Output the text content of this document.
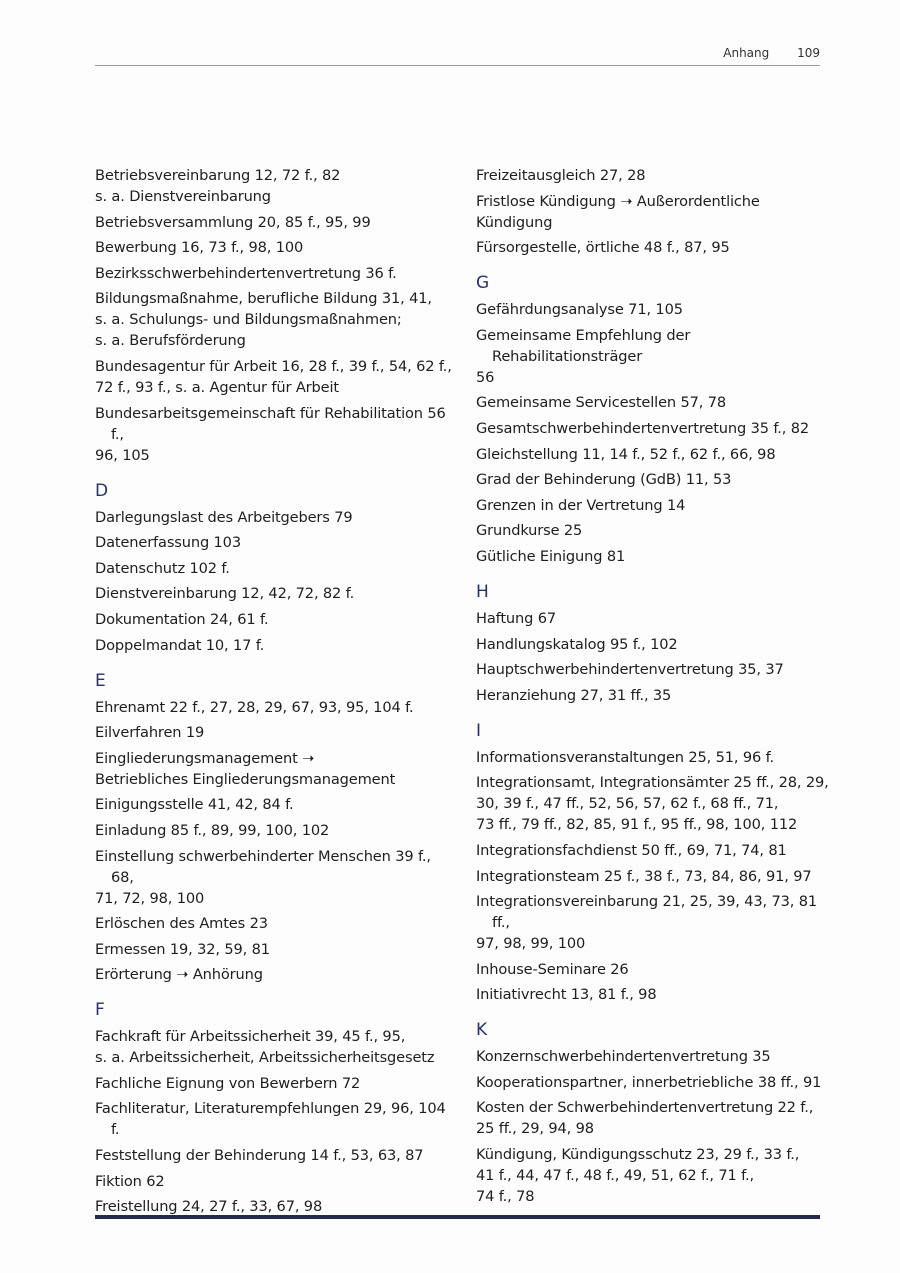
Anhang 109
Betriebsvereinbarung 12, 72 f., 82
s. a. Dienstvereinbarung
Betriebsversammlung 20, 85 f., 95, 99
Bewerbung 16, 73 f., 98, 100
Bezirksschwerbehindertenvertretung 36 f.
Bildungsmaßnahme, berufliche Bildung 31, 41,
s. a. Schulungs- und Bildungsmaßnahmen;
s. a. Berufsförderung
Bundesagentur für Arbeit 16, 28 f., 39 f., 54, 62 f.,
72 f., 93 f., s. a. Agentur für Arbeit
Bundesarbeitsgemeinschaft für Rehabilitation 56 f.,
96, 105
D
Darlegungslast des Arbeitgebers 79
Datenerfassung 103
Datenschutz 102 f.
Dienstvereinbarung 12, 42, 72, 82 f.
Dokumentation 24, 61 f.
Doppelmandat 10, 17 f.
E
Ehrenamt 22 f., 27, 28, 29, 67, 93, 95, 104 f.
Eilverfahren 19
Eingliederungsmanagement ➝
Betriebliches Eingliederungsmanagement
Einigungsstelle 41, 42, 84 f.
Einladung 85 f., 89, 99, 100, 102
Einstellung schwerbehinderter Menschen 39 f., 68,
71, 72, 98, 100
Erlöschen des Amtes 23
Ermessen 19, 32, 59, 81
Erörterung ➝ Anhörung
F
Fachkraft für Arbeitssicherheit 39, 45 f., 95,
s. a. Arbeitssicherheit, Arbeitssicherheitsgesetz
Fachliche Eignung von Bewerbern 72
Fachliteratur, Literaturempfehlungen 29, 96, 104 f.
Feststellung der Behinderung 14 f., 53, 63, 87
Fiktion 62
Freistellung 24, 27 f., 33, 67, 98
Freizeitausgleich 27, 28
Fristlose Kündigung ➝ Außerordentliche
Kündigung
Fürsorgestelle, örtliche 48 f., 87, 95
G
Gefährdungsanalyse 71, 105
Gemeinsame Empfehlung der Rehabilitationsträger
56
Gemeinsame Servicestellen 57, 78
Gesamtschwerbehindertenvertretung 35 f., 82
Gleichstellung 11, 14 f., 52 f., 62 f., 66, 98
Grad der Behinderung (GdB) 11, 53
Grenzen in der Vertretung 14
Grundkurse 25
Gütliche Einigung 81
H
Haftung 67
Handlungskatalog 95 f., 102
Hauptschwerbehindertenvertretung 35, 37
Heranziehung 27, 31 ff., 35
I
Informationsveranstaltungen 25, 51, 96 f.
Integrationsamt, Integrationsämter 25 ff., 28, 29,
30, 39 f., 47 ff., 52, 56, 57, 62 f., 68 ff., 71,
73 ff., 79 ff., 82, 85, 91 f., 95 ff., 98, 100, 112
Integrationsfachdienst 50 ff., 69, 71, 74, 81
Integrationsteam 25 f., 38 f., 73, 84, 86, 91, 97
Integrationsvereinbarung 21, 25, 39, 43, 73, 81 ff.,
97, 98, 99, 100
Inhouse-Seminare 26
Initiativrecht 13, 81 f., 98
K
Konzernschwerbehindertenvertretung 35
Kooperationspartner, innerbetriebliche 38 ff., 91
Kosten der Schwerbehindertenvertretung 22 f.,
25 ff., 29, 94, 98
Kündigung, Kündigungsschutz 23, 29 f., 33 f.,
41 f., 44, 47 f., 48 f., 49, 51, 62 f., 71 f.,
74 f., 78
